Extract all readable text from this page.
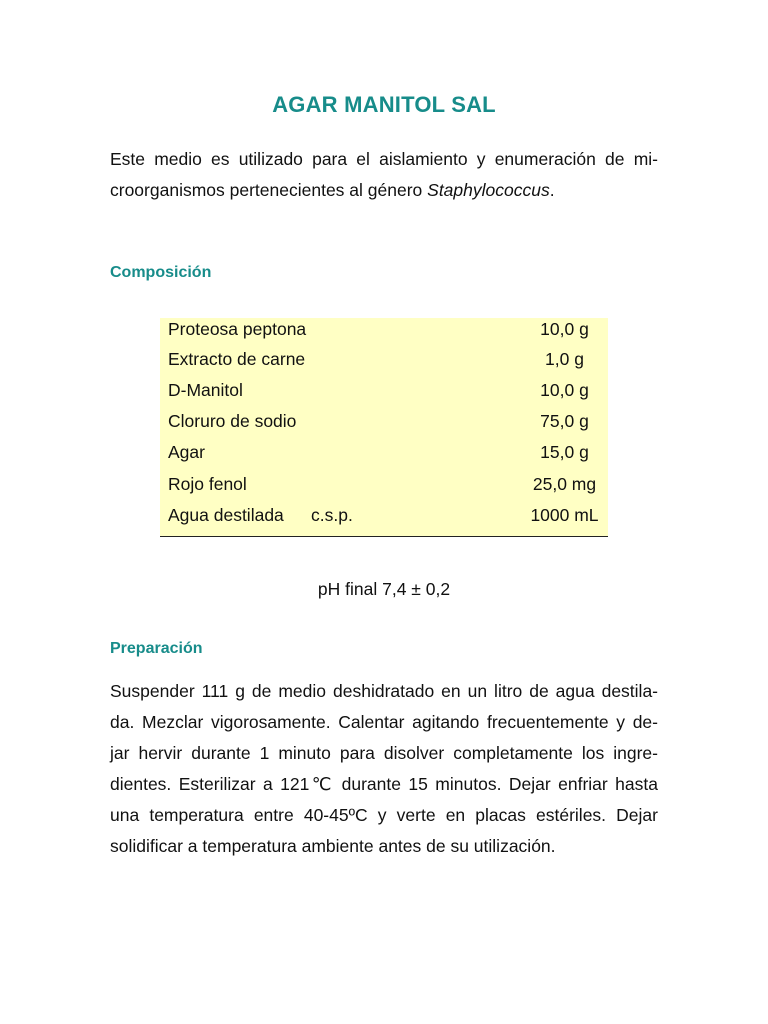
AGAR MANITOL SAL
Este medio es utilizado para el aislamiento y enumeración de mi-
croorganismos pertenecientes al género Staphylococcus.
Composición
Proteosa peptona	10,0 g
Extracto de carne	1,0 g
D-Manitol	10,0 g
Cloruro de sodio	75,0 g
Agar	15,0 g
Rojo fenol	25,0 mg
Agua destilada c.s.p.	1000 mL
pH final 7,4 ± 0,2
Preparación
Suspender 111 g de medio deshidratado en un litro de agua destila-
da. Mezclar vigorosamente. Calentar agitando frecuentemente y de-
jar hervir durante 1 minuto para disolver completamente los ingre-
dientes. Esterilizar a 121℃ durante 15 minutos. Dejar enfriar hasta
una temperatura entre 40-45ºC y verte en placas estériles. Dejar
solidificar a temperatura ambiente antes de su utilización.
